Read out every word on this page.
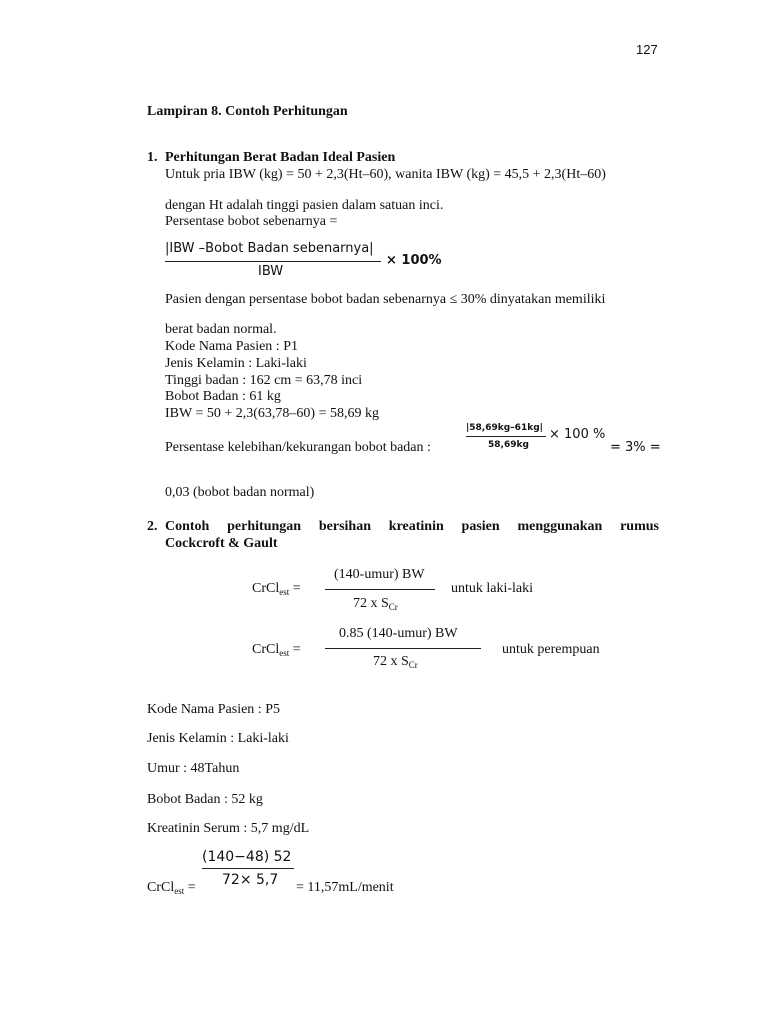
127
Lampiran 8. Contoh Perhitungan
1. Perhitungan Berat Badan Ideal Pasien
Untuk pria IBW (kg) = 50 + 2,3(Ht–60), wanita IBW (kg) = 45,5 + 2,3(Ht–60)
dengan Ht adalah tinggi pasien dalam satuan inci.
Persentase bobot sebenarnya =
|IBW –Bobot Badan sebenarnya|
IBW
× 100%
Pasien dengan persentase bobot badan sebenarnya ≤ 30% dinyatakan memiliki
berat badan normal.
Kode Nama Pasien : P1
Jenis Kelamin : Laki-laki
Tinggi badan : 162 cm = 63,78 inci
Bobot Badan : 61 kg
IBW = 50 + 2,3(63,78–60) = 58,69 kg
Persentase kelebihan/kekurangan bobot badan :
|58,69kg–61kg|
58,69kg
× 100 %
= 3% =
0,03 (bobot badan normal)
2. Contoh perhitungan bersihan kreatinin pasien menggunakan rumus
Cockcroft & Gault
CrCl$_{est}$ =
(140-umur) BW
72 x $S_{Cr}$
untuk laki-laki
CrCl$_{est}$ =
0.85 (140-umur) BW
72 x $S_{Cr}$
untuk perempuan
Kode Nama Pasien : P5
Jenis Kelamin : Laki-laki
Umur : 48Tahun
Bobot Badan : 52 kg
Kreatinin Serum : 5,7 mg/dL
(140−48) 52
72× 5,7
CrCl$_{est}$ =	= 11,57mL/menit
